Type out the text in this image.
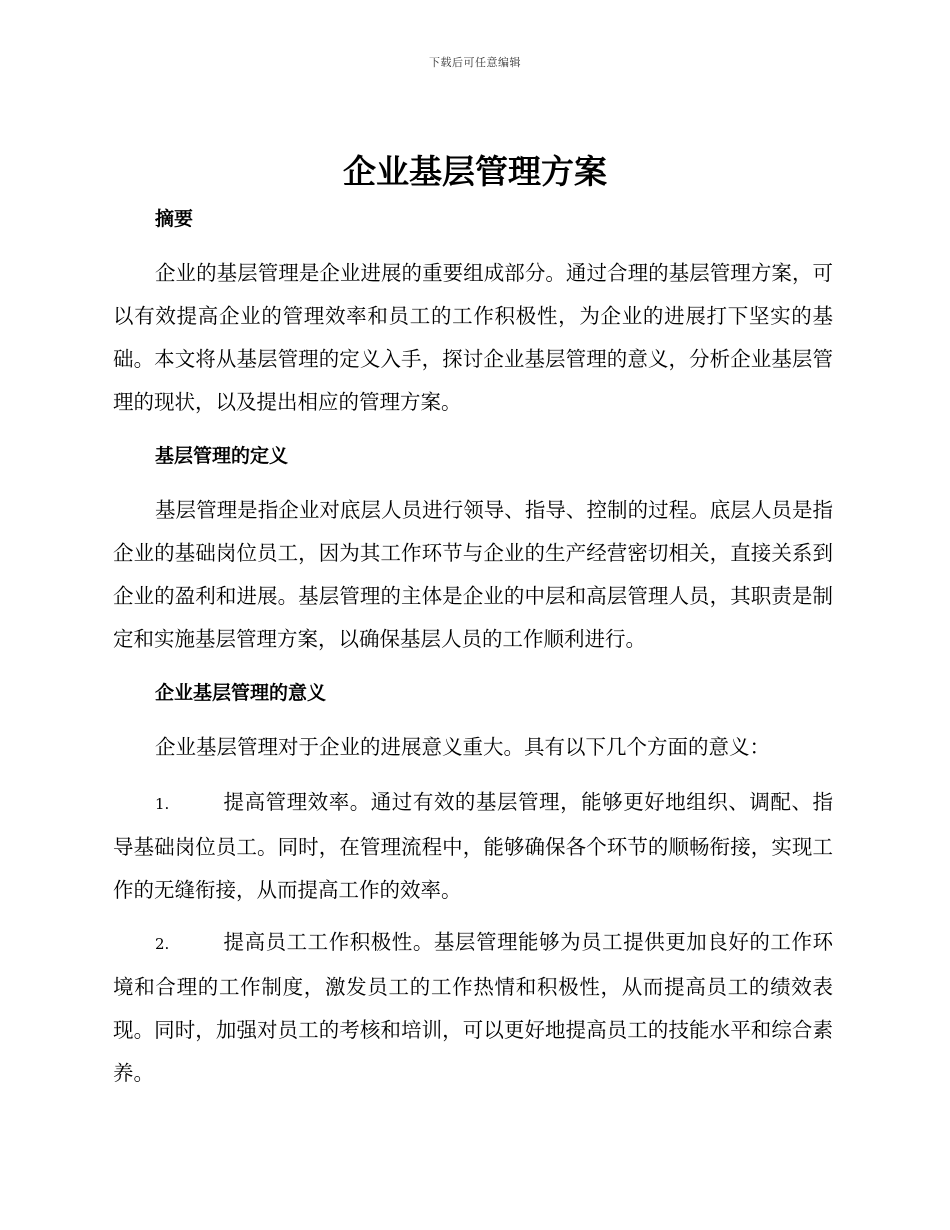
下载后可任意编辑
企业基层管理方案
摘要

企业的基层管理是企业进展的重要组成部分。通过合理的基层管理方案，可以有效提高企业的管理效率和员工的工作积极性，为企业的进展打下坚实的基础。本文将从基层管理的定义入手，探讨企业基层管理的意义，分析企业基层管理的现状，以及提出相应的管理方案。

基层管理的定义

基层管理是指企业对底层人员进行领导、指导、控制的过程。底层人员是指企业的基础岗位员工，因为其工作环节与企业的生产经营密切相关，直接关系到企业的盈利和进展。基层管理的主体是企业的中层和高层管理人员，其职责是制定和实施基层管理方案，以确保基层人员的工作顺利进行。

企业基层管理的意义

企业基层管理对于企业的进展意义重大。具有以下几个方面的意义：

1.	提高管理效率。通过有效的基层管理，能够更好地组织、调配、指导基础岗位员工。同时，在管理流程中，能够确保各个环节的顺畅衔接，实现工作的无缝衔接，从而提高工作的效率。

2.	提高员工工作积极性。基层管理能够为员工提供更加良好的工作环境和合理的工作制度，激发员工的工作热情和积极性，从而提高员工的绩效表现。同时，加强对员工的考核和培训，可以更好地提高员工的技能水平和综合素养。
